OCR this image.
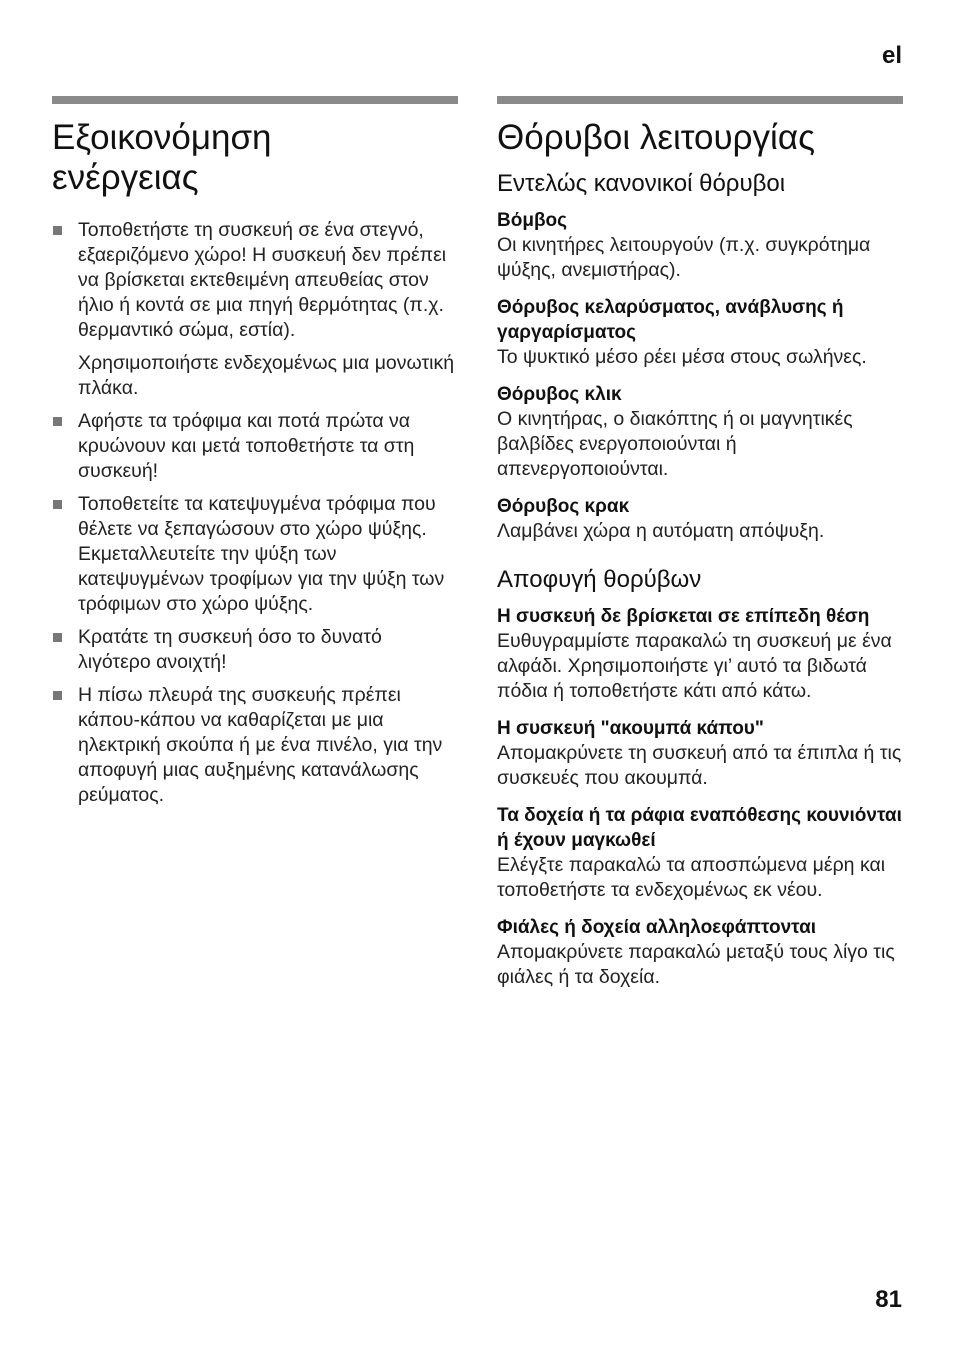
el
Εξοικονόμηση
ενέργειας
Τοποθετήστε τη συσκευή σε ένα στεγνό, εξαεριζόμενο χώρο! Η συσκευή δεν πρέπει να βρίσκεται εκτεθειμένη απευθείας στον ήλιο ή κοντά σε μια πηγή θερμότητας (π.χ. θερμαντικό σώμα, εστία).
Χρησιμοποιήστε ενδεχομένως μια μονωτική πλάκα.
Αφήστε τα τρόφιμα και ποτά πρώτα να κρυώνουν και μετά τοποθετήστε τα στη συσκευή!
Τοποθετείτε τα κατεψυγμένα τρόφιμα που θέλετε να ξεπαγώσουν στο χώρο ψύξης. Εκμεταλλευτείτε την ψύξη των κατεψυγμένων τροφίμων για την ψύξη των τρόφιμων στο χώρο ψύξης.
Κρατάτε τη συσκευή όσο το δυνατό λιγότερο ανοιχτή!
Η πίσω πλευρά της συσκευής πρέπει κάπου-κάπου να καθαρίζεται με μια ηλεκτρική σκούπα ή με ένα πινέλο, για την αποφυγή μιας αυξημένης κατανάλωσης ρεύματος.
Θόρυβοι λειτουργίας
Εντελώς κανονικοί θόρυβοι
Βόμβος

Οι κινητήρες λειτουργούν (π.χ. συγκρότημα ψύξης, ανεμιστήρας).

Θόρυβος κελαρύσματος, ανάβλυσης ή γαργαρίσματος

Το ψυκτικό μέσο ρέει μέσα στους σωλήνες.

Θόρυβος κλικ

Ο κινητήρας, ο διακόπτης ή οι μαγνητικές βαλβίδες ενεργοποιούνται ή απενεργοποιούνται.

Θόρυβος κρακ

Λαμβάνει χώρα η αυτόματη απόψυξη.

Αποφυγή θορύβων
Η συσκευή δε βρίσκεται σε επίπεδη θέση

Ευθυγραμμίστε παρακαλώ τη συσκευή με ένα αλφάδι. Χρησιμοποιήστε γι’ αυτό τα βιδωτά πόδια ή τοποθετήστε κάτι από κάτω.

Η συσκευή "ακουμπά κάπου"

Απομακρύνετε τη συσκευή από τα έπιπλα ή τις συσκευές που ακουμπά.

Τα δοχεία ή τα ράφια εναπόθεσης κουνιόνται ή έχουν μαγκωθεί

Ελέγξτε παρακαλώ τα αποσπώμενα μέρη και τοποθετήστε τα ενδεχομένως εκ νέου.

Φιάλες ή δοχεία αλληλοεφάπτονται

Απομακρύνετε παρακαλώ μεταξύ τους λίγο τις φιάλες ή τα δοχεία.

81
